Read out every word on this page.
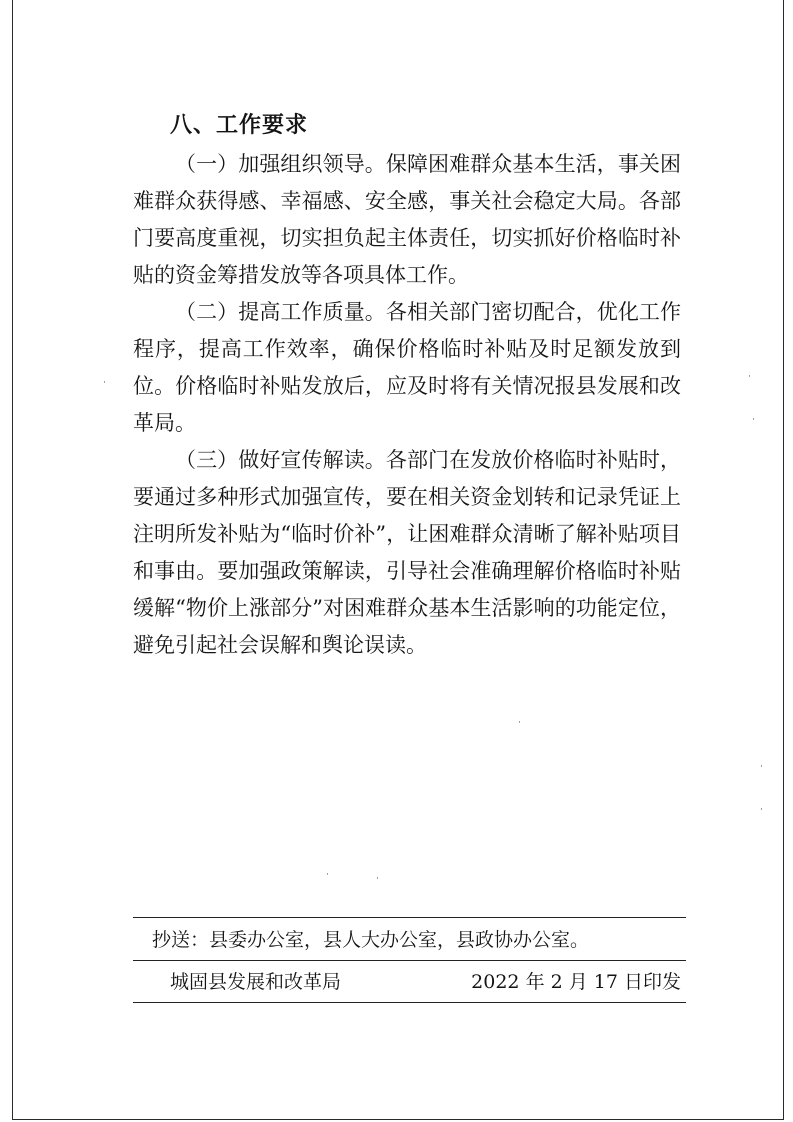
八、工作要求

（一）加强组织领导。保障困难群众基本生活，事关困难群众获得感、幸福感、安全感，事关社会稳定大局。各部门要高度重视，切实担负起主体责任，切实抓好价格临时补贴的资金筹措发放等各项具体工作。

（二）提高工作质量。各相关部门密切配合，优化工作程序，提高工作效率，确保价格临时补贴及时足额发放到位。价格临时补贴发放后，应及时将有关情况报县发展和改革局。

（三）做好宣传解读。各部门在发放价格临时补贴时，要通过多种形式加强宣传，要在相关资金划转和记录凭证上注明所发补贴为“临时价补”，让困难群众清晰了解补贴项目和事由。要加强政策解读，引导社会准确理解价格临时补贴缓解“物价上涨部分”对困难群众基本生活影响的功能定位，避免引起社会误解和舆论误读。

·
·
·
·
·
·
·	·
抄送：县委办公室，县人大办公室，县政协办公室。
城固县发展和改革局	2022 年 2 月 17 日印发
